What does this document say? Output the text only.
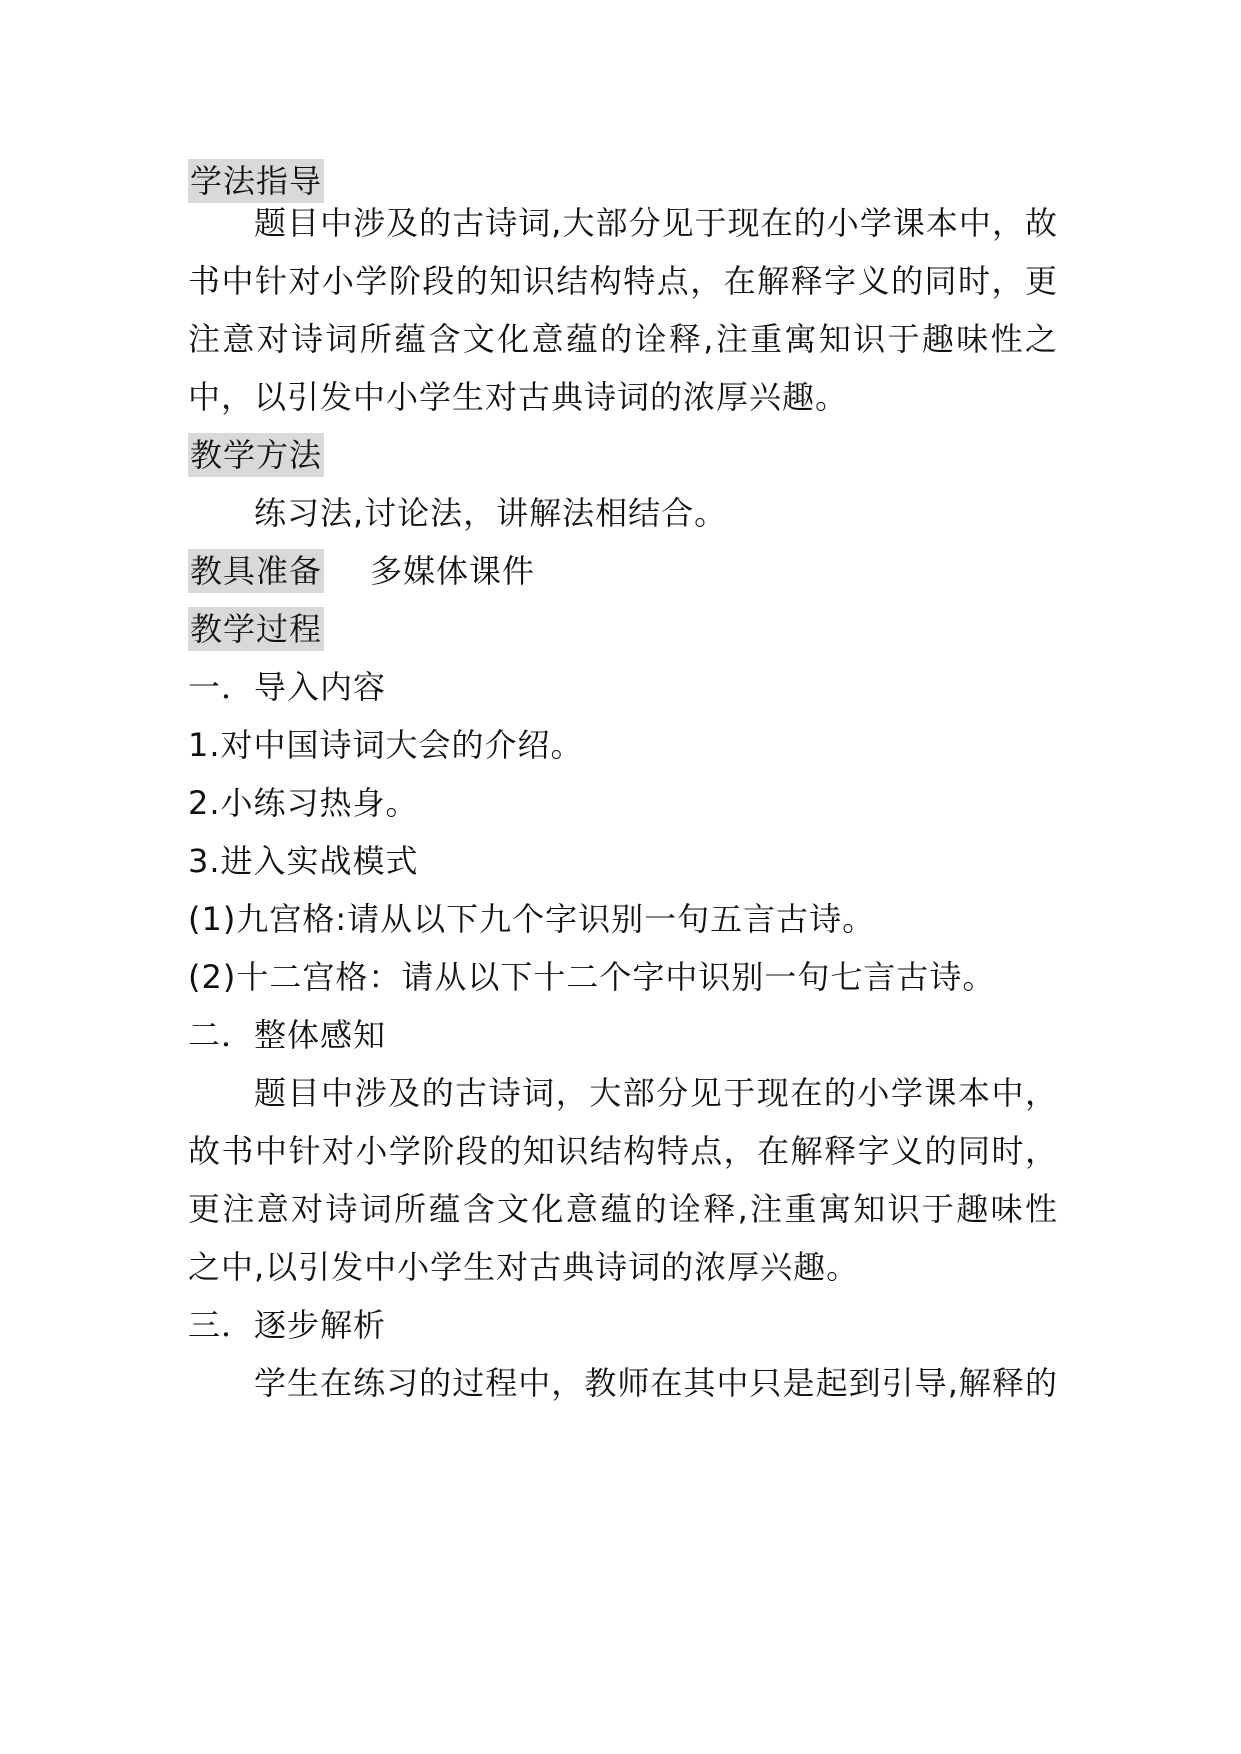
学法指导
题目中涉及的古诗词,大部分见于现在的小学课本中，故
书中针对小学阶段的知识结构特点，在解释字义的同时，更
注意对诗词所蕴含文化意蕴的诠释,注重寓知识于趣味性之
中，以引发中小学生对古典诗词的浓厚兴趣。
教学方法
练习法,讨论法，讲解法相结合。
教具准备 多媒体课件
教学过程
一．导入内容
1.对中国诗词大会的介绍。
2.小练习热身。
3.进入实战模式
(1)九宫格:请从以下九个字识别一句五言古诗。
(2)十二宫格：请从以下十二个字中识别一句七言古诗。
二．整体感知
题目中涉及的古诗词，大部分见于现在的小学课本中，
故书中针对小学阶段的知识结构特点，在解释字义的同时，
更注意对诗词所蕴含文化意蕴的诠释,注重寓知识于趣味性
之中,以引发中小学生对古典诗词的浓厚兴趣。
三．逐步解析
学生在练习的过程中，教师在其中只是起到引导,解释的
